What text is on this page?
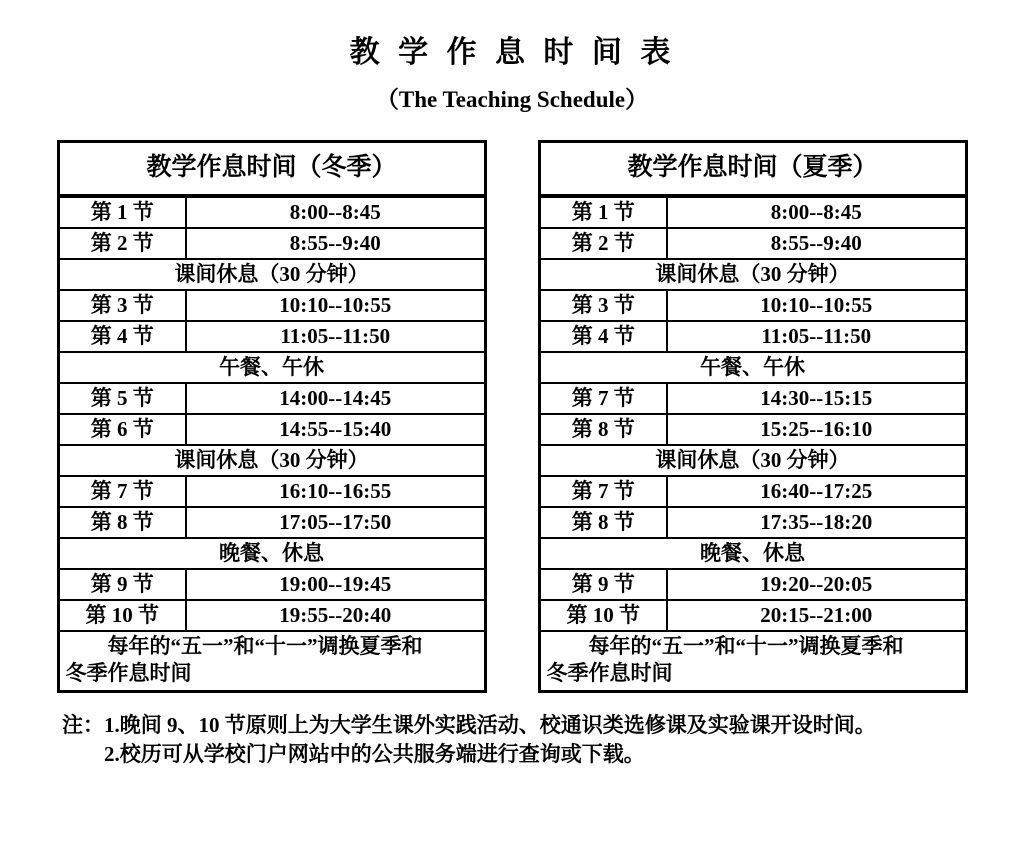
教 学 作 息 时 间 表
（The Teaching Schedule）
教学作息时间（冬季）	
第 1 节	8:00--8:45
第 2 节	8:55--9:40
课间休息（30 分钟）	
第 3 节	10:10--10:55
第 4 节	11:05--11:50
午餐、午休	
第 5 节	14:00--14:45
第 6 节	14:55--15:40
课间休息（30 分钟）	
第 7 节	16:10--16:55
第 8 节	17:05--17:50
晚餐、休息	
第 9 节	19:00--19:45
第 10 节	19:55--20:40

每年的“五一”和“十一”调换夏季和
冬季作息时间	
教学作息时间（夏季）	
第 1 节	8:00--8:45
第 2 节	8:55--9:40
课间休息（30 分钟）	
第 3 节	10:10--10:55
第 4 节	11:05--11:50
午餐、午休	
第 7 节	14:30--15:15
第 8 节	15:25--16:10
课间休息（30 分钟）	
第 7 节	16:40--17:25
第 8 节	17:35--18:20
晚餐、休息	
第 9 节	19:20--20:05
第 10 节	20:15--21:00

每年的“五一”和“十一”调换夏季和
冬季作息时间	
注： 1.晚间 9、10 节原则上为大学生课外实践活动、校通识类选修课及实验课开设时间。
2.校历可从学校门户网站中的公共服务端进行查询或下载。
